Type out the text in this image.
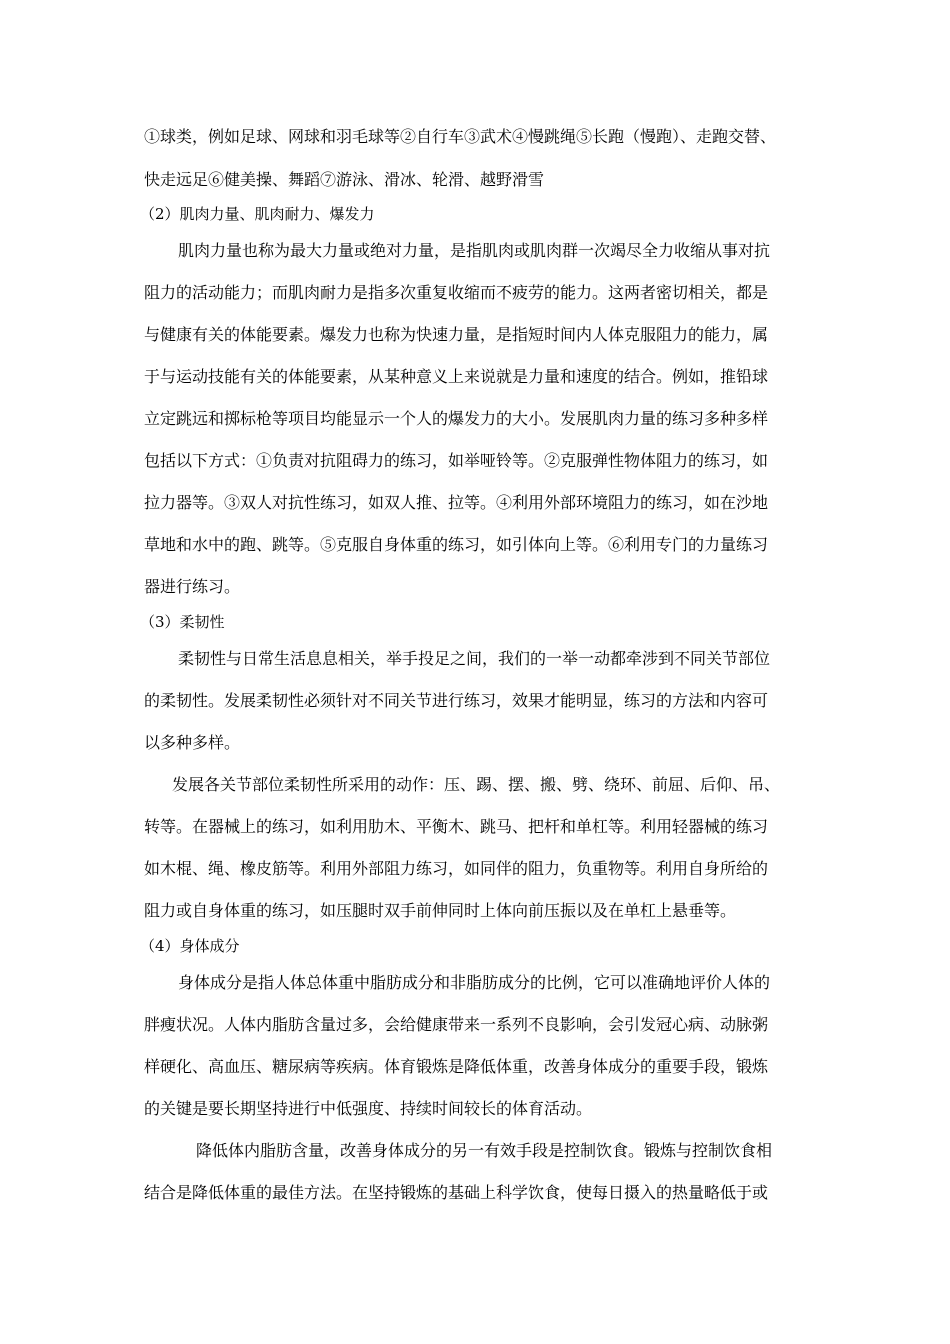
①球类，例如足球、网球和羽毛球等②自行车③武术④慢跳绳⑤长跑（慢跑）、走跑交替、
快走远足⑥健美操、舞蹈⑦游泳、滑冰、轮滑、越野滑雪
（2）肌肉力量、肌肉耐力、爆发力
肌肉力量也称为最大力量或绝对力量，是指肌肉或肌肉群一次竭尽全力收缩从事对抗
阻力的活动能力；而肌肉耐力是指多次重复收缩而不疲劳的能力。这两者密切相关，都是
与健康有关的体能要素。爆发力也称为快速力量，是指短时间内人体克服阻力的能力，属
于与运动技能有关的体能要素，从某种意义上来说就是力量和速度的结合。例如，推铅球
立定跳远和掷标枪等项目均能显示一个人的爆发力的大小。发展肌肉力量的练习多种多样
包括以下方式：①负责对抗阻碍力的练习，如举哑铃等。②克服弹性物体阻力的练习，如
拉力器等。③双人对抗性练习，如双人推、拉等。④利用外部环境阻力的练习，如在沙地
草地和水中的跑、跳等。⑤克服自身体重的练习，如引体向上等。⑥利用专门的力量练习
器进行练习。
（3）柔韧性
柔韧性与日常生活息息相关，举手投足之间，我们的一举一动都牵涉到不同关节部位
的柔韧性。发展柔韧性必须针对不同关节进行练习，效果才能明显，练习的方法和内容可
以多种多样。
发展各关节部位柔韧性所采用的动作：压、踢、摆、搬、劈、绕环、前屈、后仰、吊、
转等。在器械上的练习，如利用肋木、平衡木、跳马、把杆和单杠等。利用轻器械的练习
如木棍、绳、橡皮筋等。利用外部阻力练习，如同伴的阻力，负重物等。利用自身所给的
阻力或自身体重的练习，如压腿时双手前伸同时上体向前压振以及在单杠上悬垂等。
（4）身体成分
身体成分是指人体总体重中脂肪成分和非脂肪成分的比例，它可以准确地评价人体的
胖瘦状况。人体内脂肪含量过多，会给健康带来一系列不良影响，会引发冠心病、动脉粥
样硬化、高血压、糖尿病等疾病。体育锻炼是降低体重，改善身体成分的重要手段，锻炼
的关键是要长期坚持进行中低强度、持续时间较长的体育活动。
降低体内脂肪含量，改善身体成分的另一有效手段是控制饮食。锻炼与控制饮食相
结合是降低体重的最佳方法。在坚持锻炼的基础上科学饮食，使每日摄入的热量略低于或
